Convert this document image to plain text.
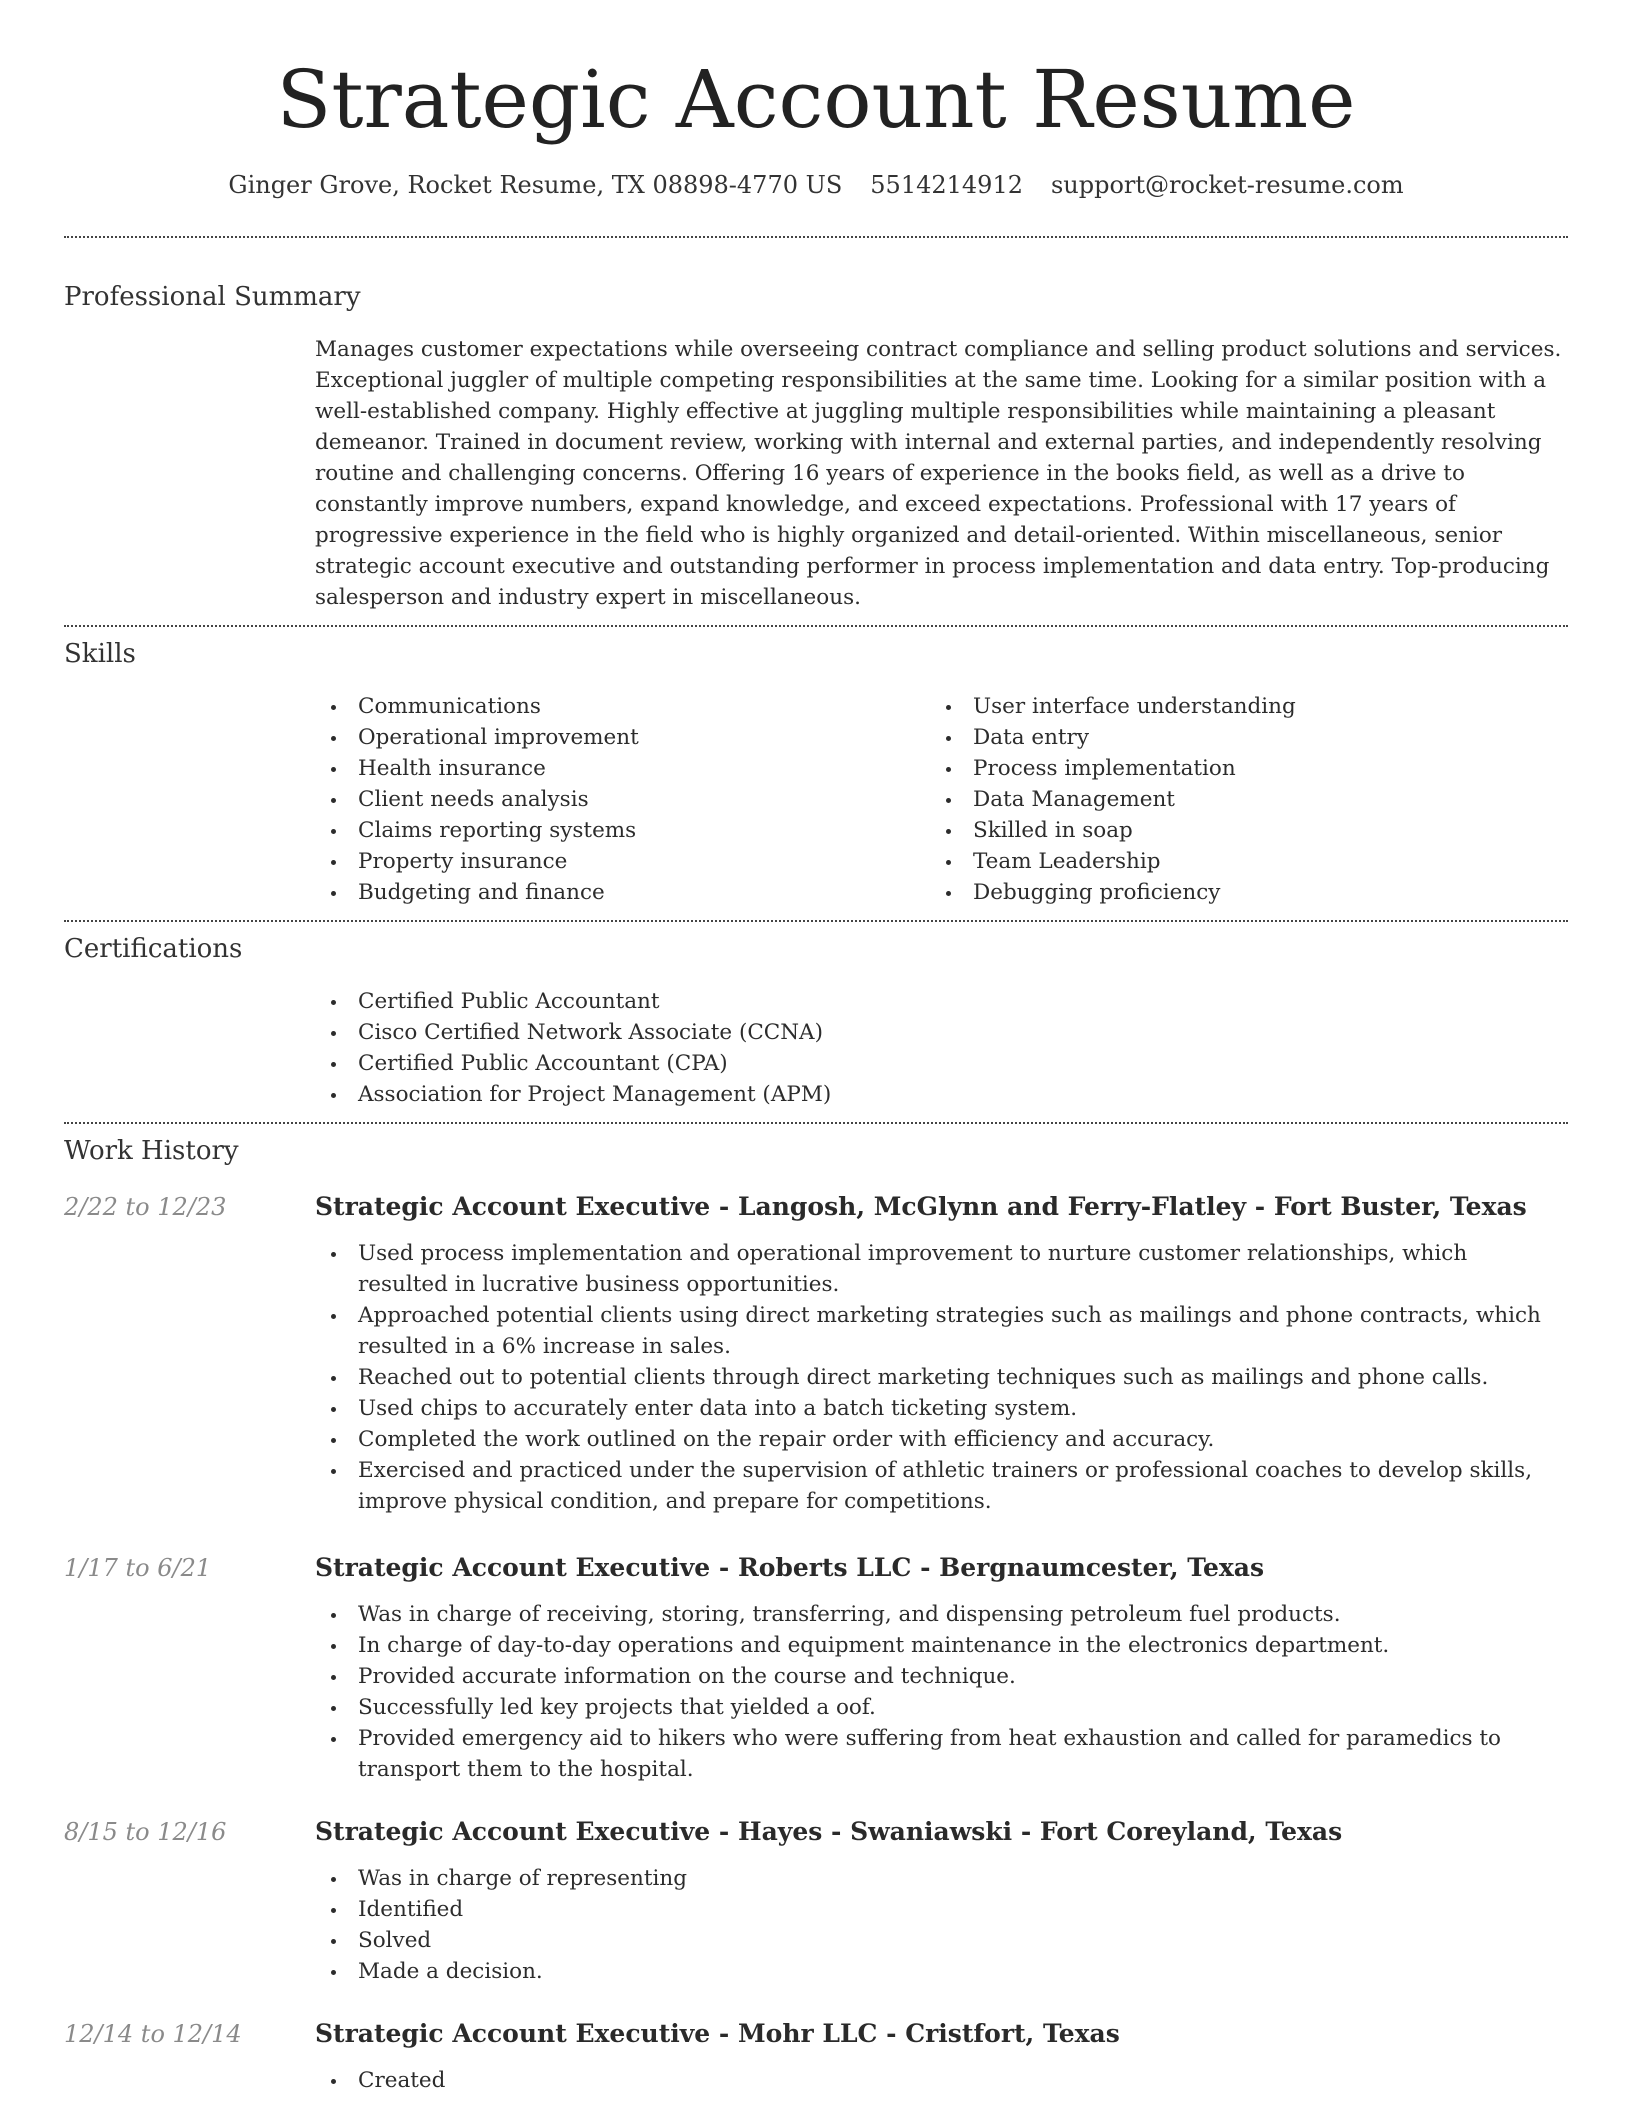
Strategic Account Resume
Ginger Grove, Rocket Resume, TX 08898-4770 US 5514214912 support@rocket-resume.com
Professional Summary

Manages customer expectations while overseeing contract compliance and selling product solutions and services. Exceptional juggler of multiple competing responsibilities at the same time. Looking for a similar position with a well-established company. Highly effective at juggling multiple responsibilities while maintaining a pleasant demeanor. Trained in document review, working with internal and external parties, and independently resolving routine and challenging concerns. Offering 16 years of experience in the books field, as well as a drive to constantly improve numbers, expand knowledge, and exceed expectations. Professional with 17 years of progressive experience in the field who is highly organized and detail-oriented. Within miscellaneous, senior strategic account executive and outstanding performer in process implementation and data entry. Top-producing salesperson and industry expert in miscellaneous.

Skills
Communications
Operational improvement
Health insurance
Client needs analysis
Claims reporting systems
Property insurance
Budgeting and finance
User interface understanding
Data entry
Process implementation
Data Management
Skilled in soap
Team Leadership
Debugging proficiency
Certifications
Certified Public Accountant
Cisco Certified Network Associate (CCNA)
Certified Public Accountant (CPA)
Association for Project Management (APM)
Work History
2/22 to 12/23	Strategic Account Executive - Langosh, McGlynn and Ferry-Flatley - Fort Buster, Texas
Used process implementation and operational improvement to nurture customer relationships, which resulted in lucrative business opportunities.
Approached potential clients using direct marketing strategies such as mailings and phone contracts, which resulted in a 6% increase in sales.
Reached out to potential clients through direct marketing techniques such as mailings and phone calls.
Used chips to accurately enter data into a batch ticketing system.
Completed the work outlined on the repair order with efficiency and accuracy.
Exercised and practiced under the supervision of athletic trainers or professional coaches to develop skills, improve physical condition, and prepare for competitions.
1/17 to 6/21	Strategic Account Executive - Roberts LLC - Bergnaumcester, Texas
Was in charge of receiving, storing, transferring, and dispensing petroleum fuel products.
In charge of day-to-day operations and equipment maintenance in the electronics department.
Provided accurate information on the course and technique.
Successfully led key projects that yielded a oof.
Provided emergency aid to hikers who were suffering from heat exhaustion and called for paramedics to transport them to the hospital.
8/15 to 12/16	Strategic Account Executive - Hayes - Swaniawski - Fort Coreyland, Texas
Was in charge of representing
Identified
Solved
Made a decision.
12/14 to 12/14	Strategic Account Executive - Mohr LLC - Cristfort, Texas
Created
